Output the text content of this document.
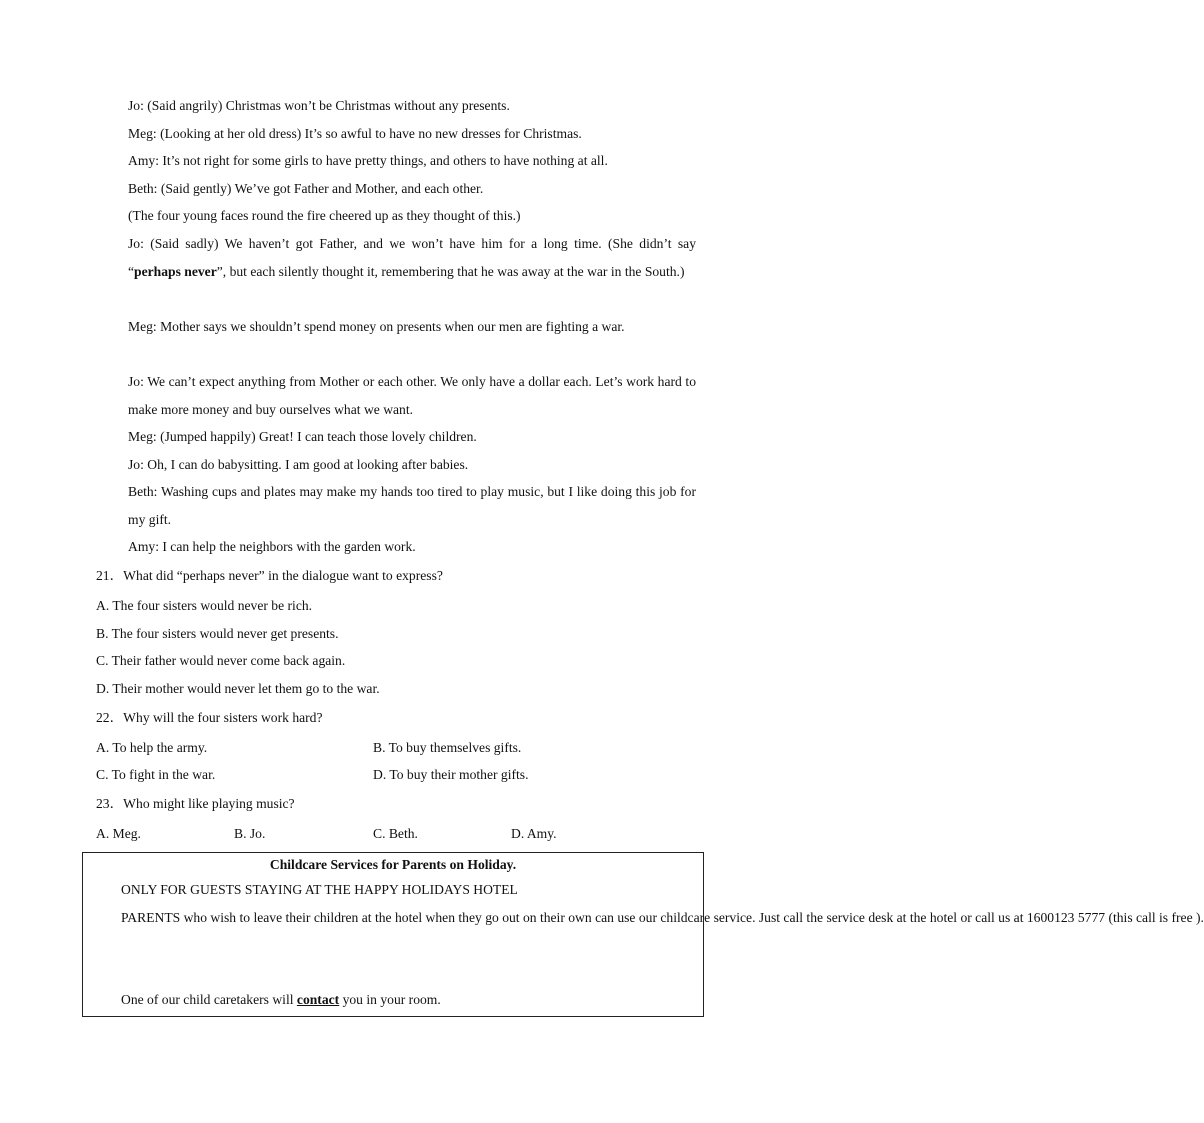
Jo: (Said angrily) Christmas won’t be Christmas without any presents.
Meg: (Looking at her old dress) It’s so awful to have no new dresses for Christmas.
Amy: It’s not right for some girls to have pretty things, and others to have nothing at all.
Beth: (Said gently) We’ve got Father and Mother, and each other.
(The four young faces round the fire cheered up as they thought of this.)
Jo: (Said sadly) We haven’t got Father, and we won’t have him for a long time. (She didn’t say “perhaps never”, but each silently thought it, remembering that he was away at the war in the South.)
Meg: Mother says we shouldn’t spend money on presents when our men are fighting a war.
Jo: We can’t expect anything from Mother or each other. We only have a dollar each. Let’s work hard to make more money and buy ourselves what we want.
Meg: (Jumped happily) Great! I can teach those lovely children.
Jo: Oh, I can do babysitting. I am good at looking after babies.
Beth: Washing cups and plates may make my hands too tired to play music, but I like doing this job for my gift.
Amy: I can help the neighbors with the garden work.
21．What did “perhaps never” in the dialogue want to express?
A. The four sisters would never be rich.
B. The four sisters would never get presents.
C. Their father would never come back again.
D. Their mother would never let them go to the war.
22．Why will the four sisters work hard?
A. To help the army.	B. To buy themselves gifts.
C. To fight in the war.	D. To buy their mother gifts.
23．Who might like playing music?
A. Meg.	B. Jo.	C. Beth.	D. Amy.
Childcare Services for Parents on Holiday.
ONLY FOR GUESTS STAYING AT THE HAPPY HOLIDAYS HOTEL
PARENTS who wish to leave their children at the hotel when they go out on their own can use our childcare service. Just call the service desk at the hotel or call us at 1600123 5777 (this call is free ).
One of our child caretakers will contact you in your room.
